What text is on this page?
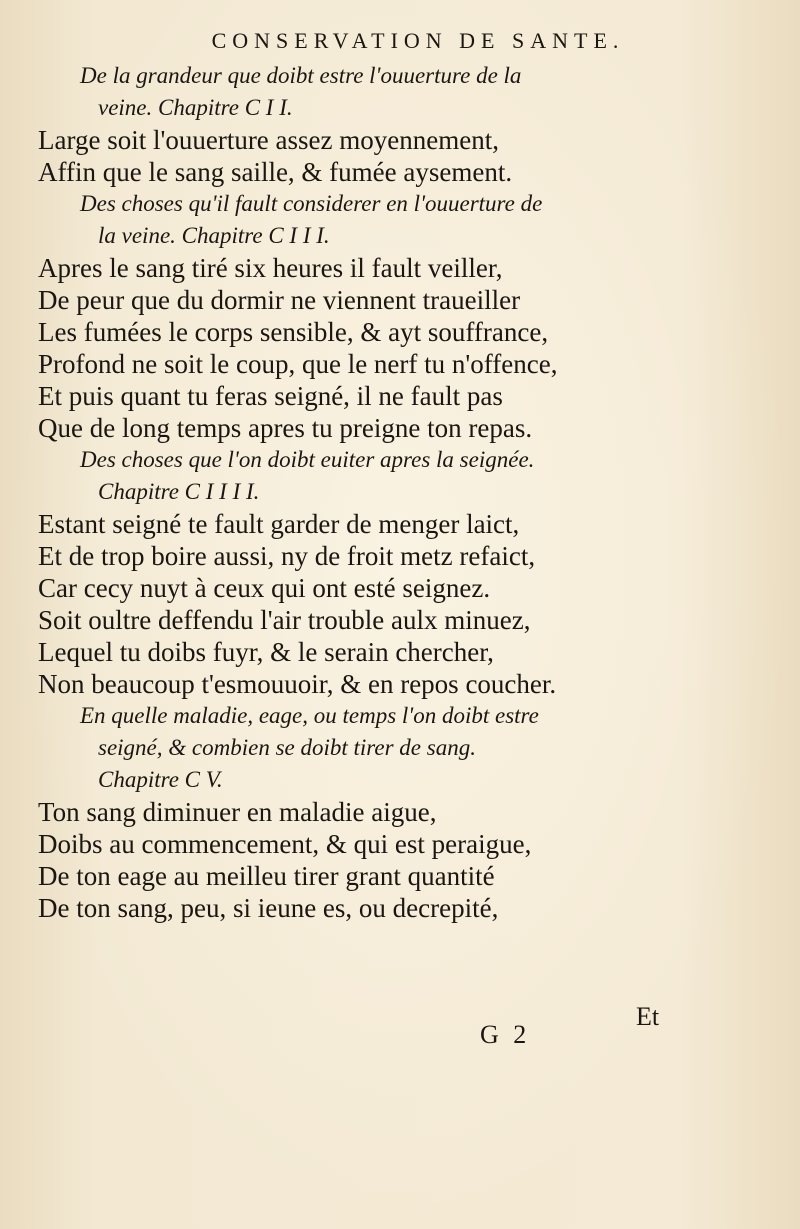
CONSERVATION DE SANTE.
De la grandeur que doibt estre l'ouuerture de la
veine. Chapitre C I I.
Large soit l'ouuerture assez moyennement,
Affin que le sang saille, & fumée aysement.
Des choses qu'il fault considerer en l'ouuerture de
la veine. Chapitre C I I I.
Apres le sang tiré six heures il fault veiller,
De peur que du dormir ne viennent traueiller
Les fumées le corps sensible, & ayt souffrance,
Profond ne soit le coup, que le nerf tu n'offence,
Et puis quant tu feras seigné, il ne fault pas
Que de long temps apres tu preigne ton repas.
Des choses que l'on doibt euiter apres la seignée.
Chapitre C I I I I.
Estant seigné te fault garder de menger laict,
Et de trop boire aussi, ny de froit metz refaict,
Car cecy nuyt à ceux qui ont esté seignez.
Soit oultre deffendu l'air trouble aulx minuez,
Lequel tu doibs fuyr, & le serain chercher,
Non beaucoup t'esmouuoir, & en repos coucher.
En quelle maladie, eage, ou temps l'on doibt estre
seigné, & combien se doibt tirer de sang.
Chapitre C V.
Ton sang diminuer en maladie aigue,
Doibs au commencement, & qui est peraigue,
De ton eage au meilleu tirer grant quantité
De ton sang, peu, si ieune es, ou decrepité,
Et
G 2
